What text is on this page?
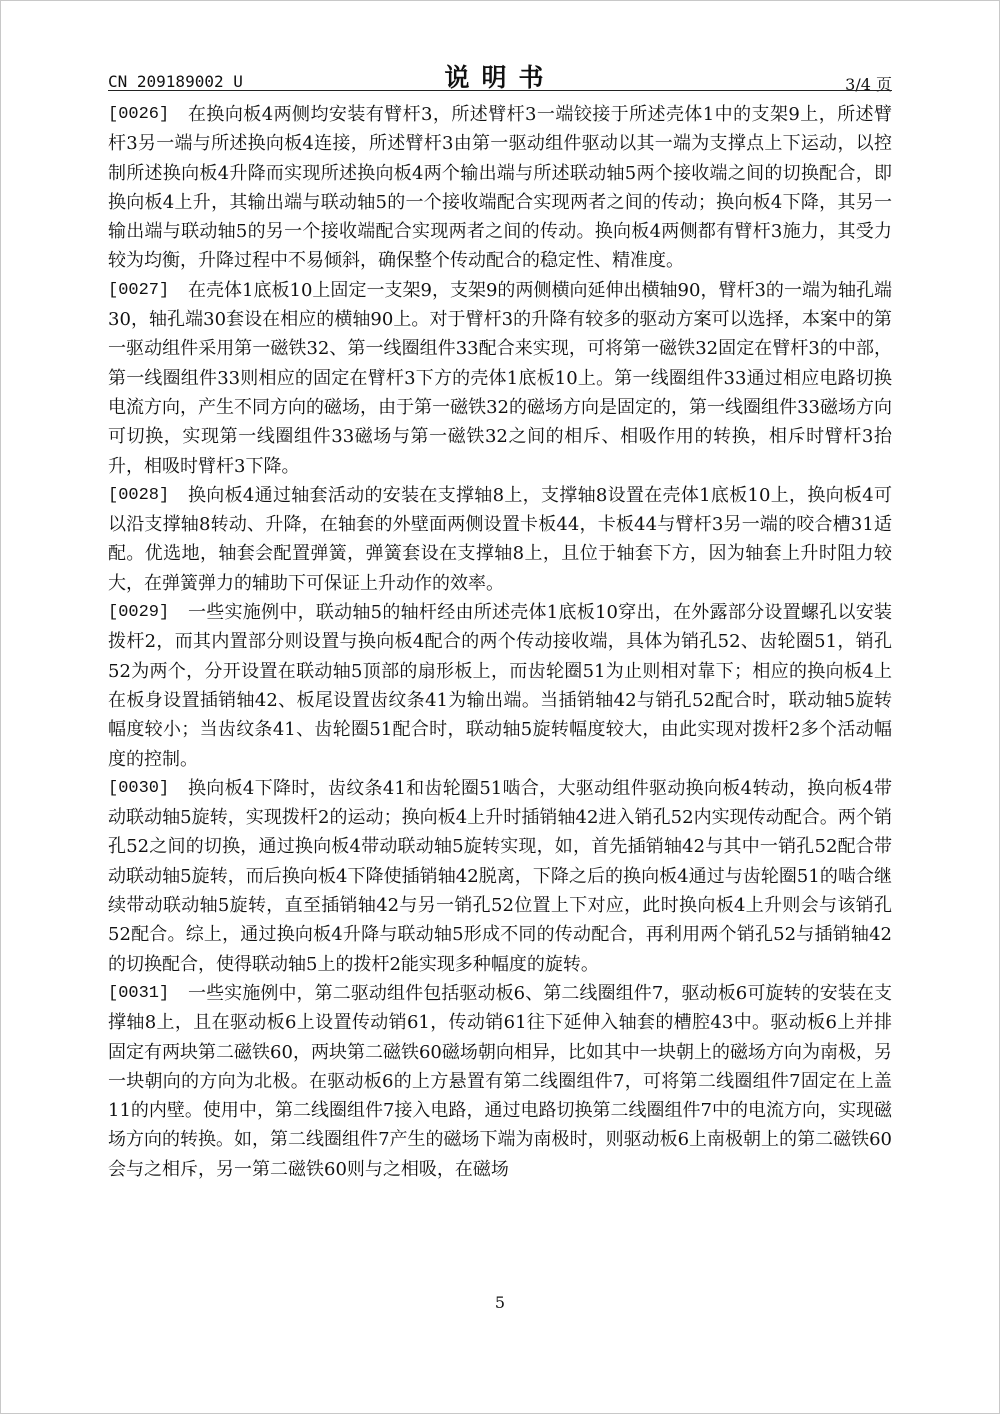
CN 209189002 U	说明书	3/4 页

[0026] 在换向板4两侧均安装有臂杆3，所述臂杆3一端铰接于所述壳体1中的支架9上，所述臂杆3另一端与所述换向板4连接，所述臂杆3由第一驱动组件驱动以其一端为支撑点上下运动，以控制所述换向板4升降而实现所述换向板4两个输出端与所述联动轴5两个接收端之间的切换配合，即换向板4上升，其输出端与联动轴5的一个接收端配合实现两者之间的传动；换向板4下降，其另一输出端与联动轴5的另一个接收端配合实现两者之间的传动。换向板4两侧都有臂杆3施力，其受力较为均衡，升降过程中不易倾斜，确保整个传动配合的稳定性、精准度。

[0027] 在壳体1底板10上固定一支架9，支架9的两侧横向延伸出横轴90，臂杆3的一端为轴孔端30，轴孔端30套设在相应的横轴90上。对于臂杆3的升降有较多的驱动方案可以选择，本案中的第一驱动组件采用第一磁铁32、第一线圈组件33配合来实现，可将第一磁铁32固定在臂杆3的中部，第一线圈组件33则相应的固定在臂杆3下方的壳体1底板10上。第一线圈组件33通过相应电路切换电流方向，产生不同方向的磁场，由于第一磁铁32的磁场方向是固定的，第一线圈组件33磁场方向可切换，实现第一线圈组件33磁场与第一磁铁32之间的相斥、相吸作用的转换，相斥时臂杆3抬升，相吸时臂杆3下降。

[0028] 换向板4通过轴套活动的安装在支撑轴8上，支撑轴8设置在壳体1底板10上，换向板4可以沿支撑轴8转动、升降，在轴套的外壁面两侧设置卡板44，卡板44与臂杆3另一端的咬合槽31适配。优选地，轴套会配置弹簧，弹簧套设在支撑轴8上，且位于轴套下方，因为轴套上升时阻力较大，在弹簧弹力的辅助下可保证上升动作的效率。

[0029] 一些实施例中，联动轴5的轴杆经由所述壳体1底板10穿出，在外露部分设置螺孔以安装拨杆2，而其内置部分则设置与换向板4配合的两个传动接收端，具体为销孔52、齿轮圈51，销孔52为两个，分开设置在联动轴5顶部的扇形板上，而齿轮圈51为止则相对靠下；相应的换向板4上在板身设置插销轴42、板尾设置齿纹条41为输出端。当插销轴42与销孔52配合时，联动轴5旋转幅度较小；当齿纹条41、齿轮圈51配合时，联动轴5旋转幅度较大，由此实现对拨杆2多个活动幅度的控制。

[0030] 换向板4下降时，齿纹条41和齿轮圈51啮合，大驱动组件驱动换向板4转动，换向板4带动联动轴5旋转，实现拨杆2的运动；换向板4上升时插销轴42进入销孔52内实现传动配合。两个销孔52之间的切换，通过换向板4带动联动轴5旋转实现，如，首先插销轴42与其中一销孔52配合带动联动轴5旋转，而后换向板4下降使插销轴42脱离，下降之后的换向板4通过与齿轮圈51的啮合继续带动联动轴5旋转，直至插销轴42与另一销孔52位置上下对应，此时换向板4上升则会与该销孔52配合。综上，通过换向板4升降与联动轴5形成不同的传动配合，再利用两个销孔52与插销轴42的切换配合，使得联动轴5上的拨杆2能实现多种幅度的旋转。

[0031] 一些实施例中，第二驱动组件包括驱动板6、第二线圈组件7，驱动板6可旋转的安装在支撑轴8上，且在驱动板6上设置传动销61，传动销61往下延伸入轴套的槽腔43中。驱动板6上并排固定有两块第二磁铁60，两块第二磁铁60磁场朝向相异，比如其中一块朝上的磁场方向为南极，另一块朝向的方向为北极。在驱动板6的上方悬置有第二线圈组件7，可将第二线圈组件7固定在上盖11的内壁。使用中，第二线圈组件7接入电路，通过电路切换第二线圈组件7中的电流方向，实现磁场方向的转换。如，第二线圈组件7产生的磁场下端为南极时，则驱动板6上南极朝上的第二磁铁60会与之相斥，另一第二磁铁60则与之相吸，在磁场

5
